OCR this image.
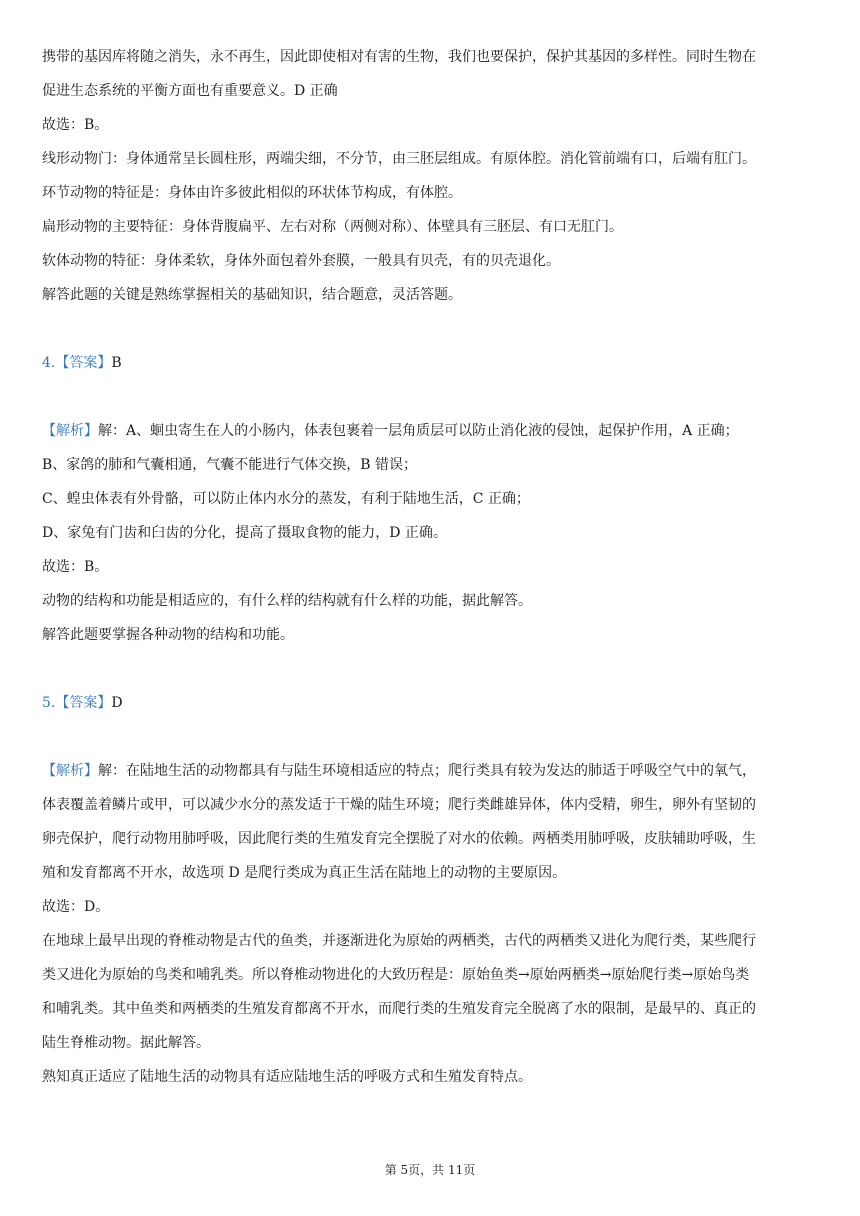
携带的基因库将随之消失，永不再生，因此即使相对有害的生物，我们也要保护，保护其基因的多样性。同时生物在
促进生态系统的平衡方面也有重要意义。D 正确
故选：B。
线形动物门：身体通常呈长圆柱形，两端尖细，不分节，由三胚层组成。有原体腔。消化管前端有口，后端有肛门。
环节动物的特征是：身体由许多彼此相似的环状体节构成，有体腔。
扁形动物的主要特征：身体背腹扁平、左右对称（两侧对称）、体壁具有三胚层、有口无肛门。
软体动物的特征：身体柔软，身体外面包着外套膜，一般具有贝壳，有的贝壳退化。
解答此题的关键是熟练掌握相关的基础知识，结合题意，灵活答题。
4.【答案】B
【解析】解：A、蛔虫寄生在人的小肠内，体表包裹着一层角质层可以防止消化液的侵蚀，起保护作用，A 正确；
B、家鸽的肺和气囊相通，气囊不能进行气体交换，B 错误；
C、蝗虫体表有外骨骼，可以防止体内水分的蒸发，有利于陆地生活，C 正确；
D、家兔有门齿和臼齿的分化，提高了摄取食物的能力，D 正确。
故选：B。
动物的结构和功能是相适应的，有什么样的结构就有什么样的功能，据此解答。
解答此题要掌握各种动物的结构和功能。
5.【答案】D
【解析】解：在陆地生活的动物都具有与陆生环境相适应的特点；爬行类具有较为发达的肺适于呼吸空气中的氧气，
体表覆盖着鳞片或甲，可以减少水分的蒸发适于干燥的陆生环境；爬行类雌雄异体，体内受精，卵生，卵外有坚韧的
卵壳保护，爬行动物用肺呼吸，因此爬行类的生殖发育完全摆脱了对水的依赖。两栖类用肺呼吸，皮肤辅助呼吸，生
殖和发育都离不开水，故选项 D 是爬行类成为真正生活在陆地上的动物的主要原因。
故选：D。
在地球上最早出现的脊椎动物是古代的鱼类，并逐渐进化为原始的两栖类，古代的两栖类又进化为爬行类，某些爬行
类又进化为原始的鸟类和哺乳类。所以脊椎动物进化的大致历程是：原始鱼类→原始两栖类→原始爬行类→原始鸟类
和哺乳类。其中鱼类和两栖类的生殖发育都离不开水，而爬行类的生殖发育完全脱离了水的限制，是最早的、真正的
陆生脊椎动物。据此解答。
熟知真正适应了陆地生活的动物具有适应陆地生活的呼吸方式和生殖发育特点。
第 5页，共 11页
